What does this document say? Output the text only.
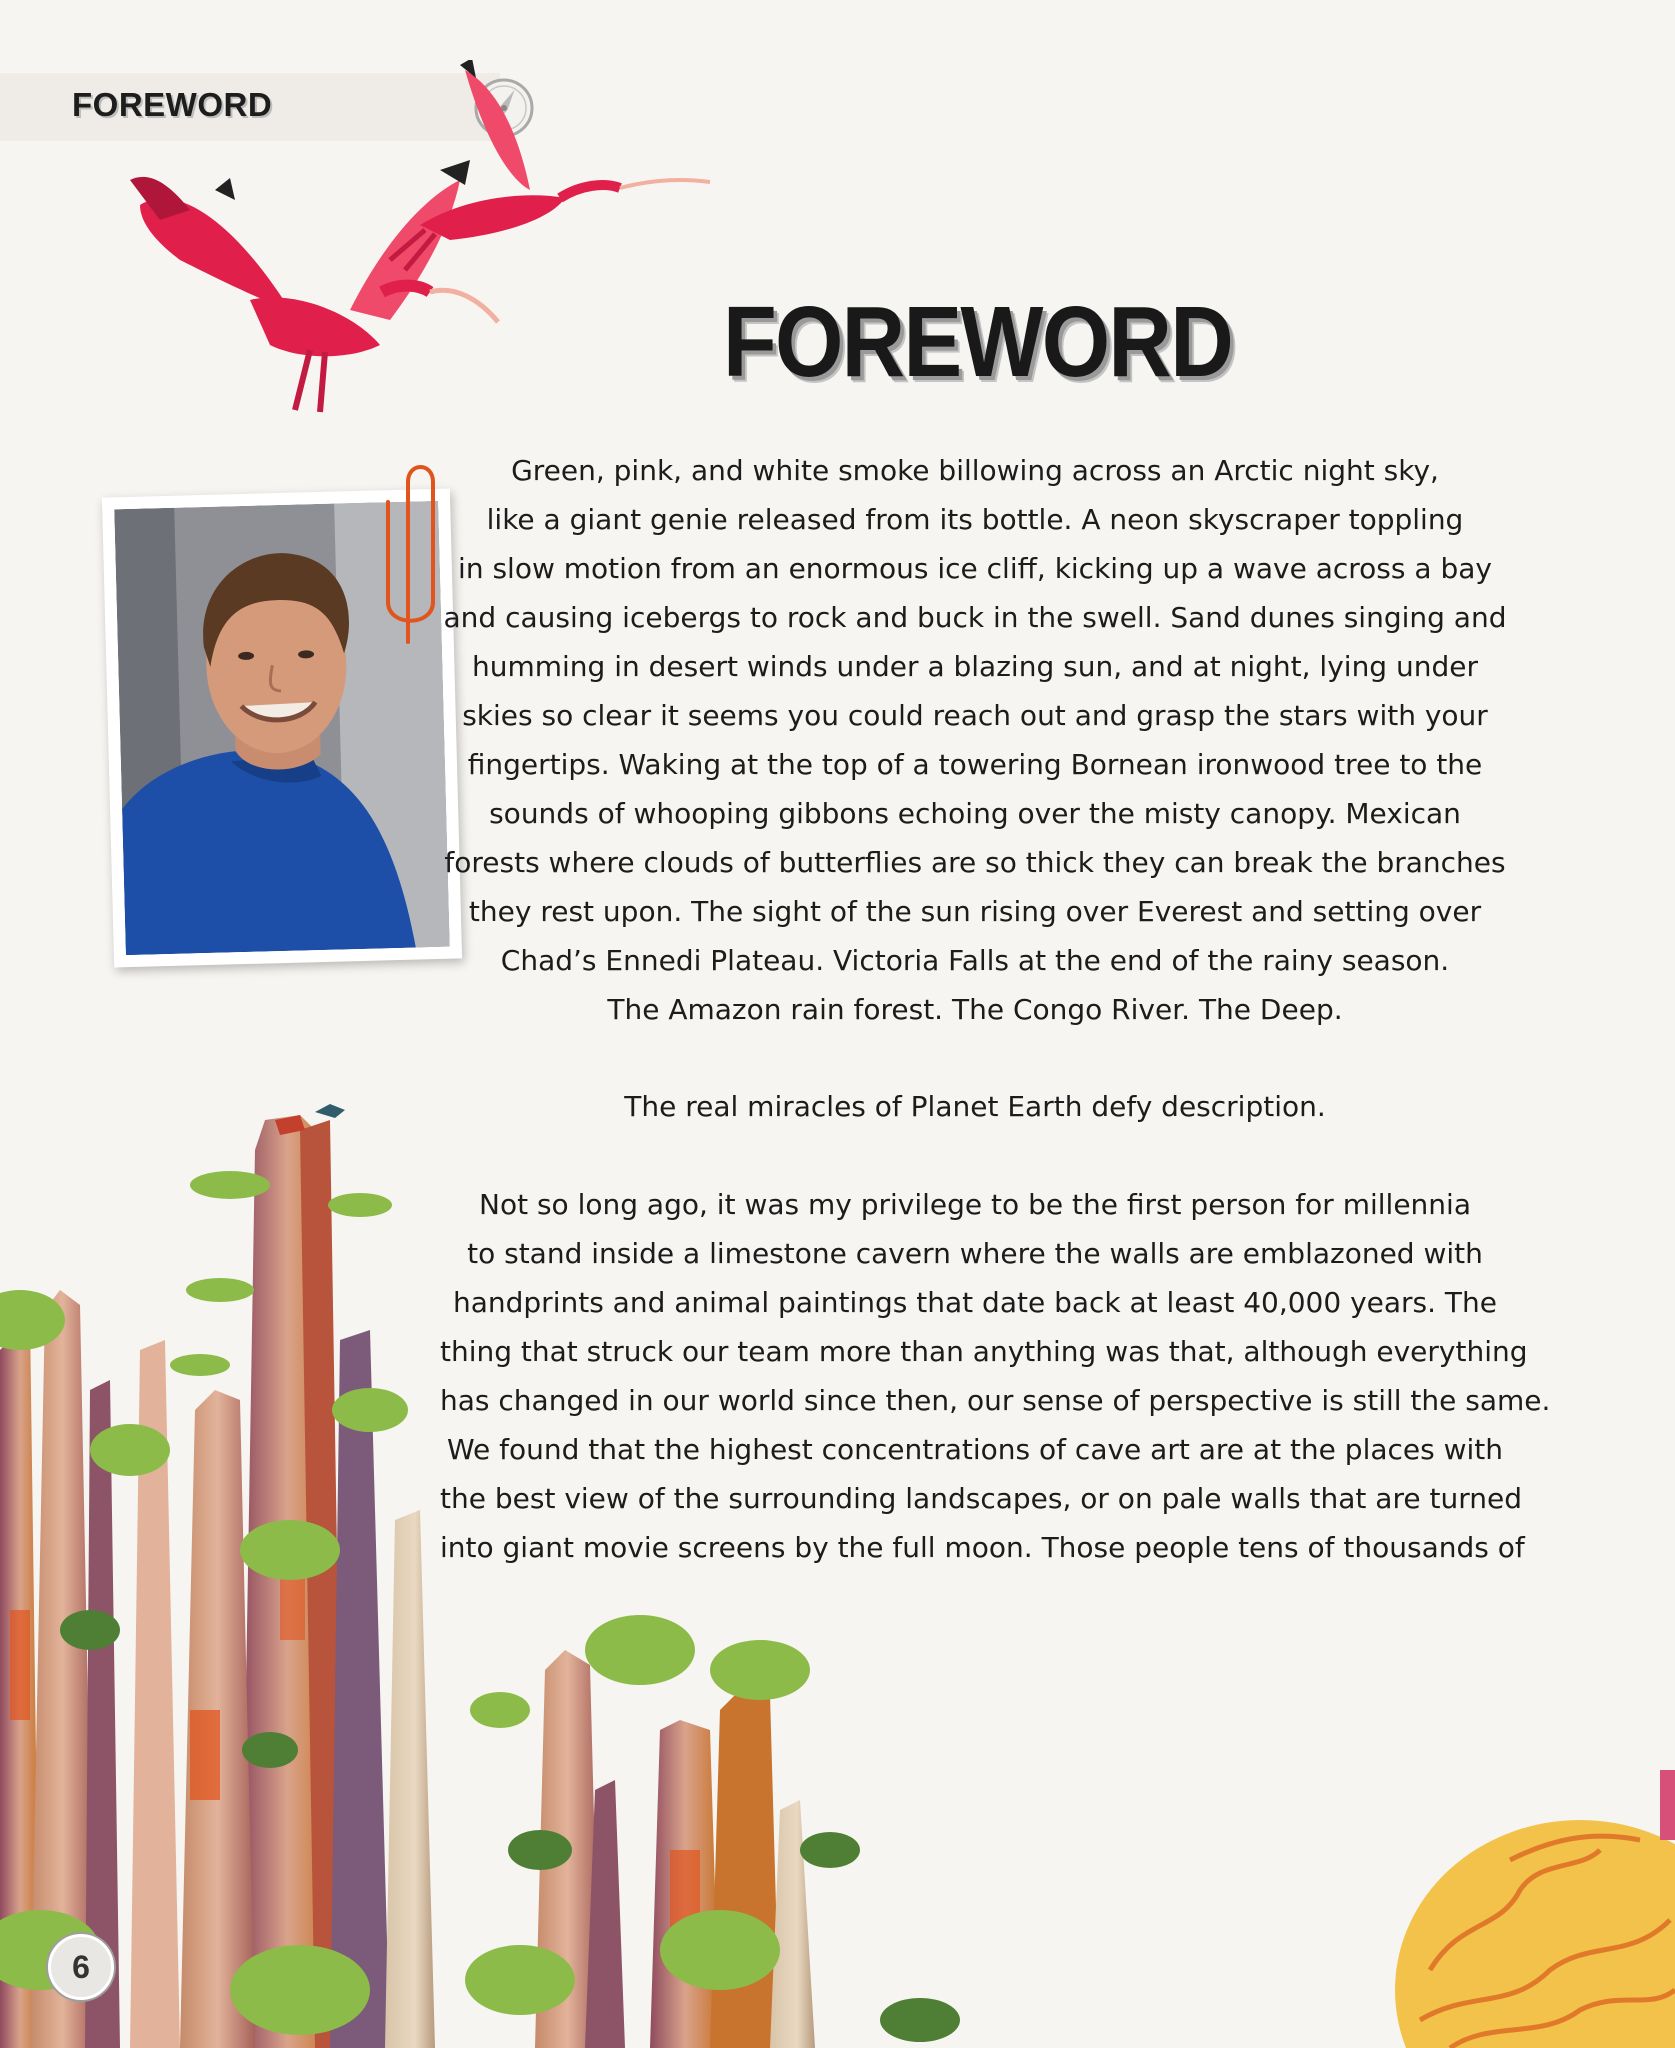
FOREWORD
FOREWORD
Green, pink, and white smoke billowing across an Arctic night sky,
like a giant genie released from its bottle. A neon skyscraper toppling
in slow motion from an enormous ice cliff, kicking up a wave across a bay
and causing icebergs to rock and buck in the swell. Sand dunes singing and
humming in desert winds under a blazing sun, and at night, lying under
skies so clear it seems you could reach out and grasp the stars with your
fingertips. Waking at the top of a towering Bornean ironwood tree to the
sounds of whooping gibbons echoing over the misty canopy. Mexican
forests where clouds of butterflies are so thick they can break the branches
they rest upon. The sight of the sun rising over Everest and setting over
Chad’s Ennedi Plateau. Victoria Falls at the end of the rainy season.
The Amazon rain forest. The Congo River. The Deep.
The real miracles of Planet Earth defy description.
Not so long ago, it was my privilege to be the first person for millennia
to stand inside a limestone cavern where the walls are emblazoned with
handprints and animal paintings that date back at least 40,000 years. The
thing that struck our team more than anything was that, although everything
has changed in our world since then, our sense of perspective is still the same.
We found that the highest concentrations of cave art are at the places with
the best view of the surrounding landscapes, or on pale walls that are turned
into giant movie screens by the full moon. Those people tens of thousands of
6
